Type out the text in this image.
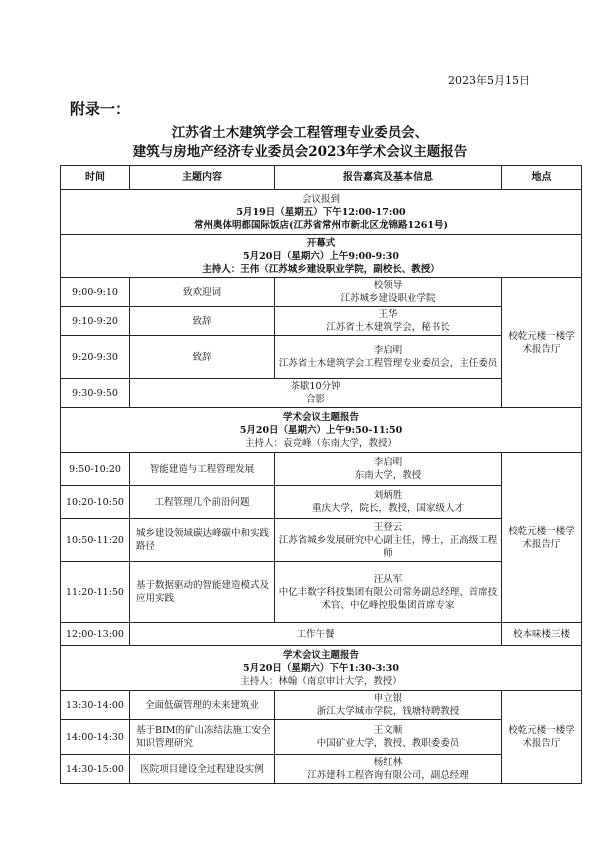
2023年5月15日
附录一：
江苏省土木建筑学会工程管理专业委员会、
建筑与房地产经济专业委员会2023年学术会议主题报告
时间	主题内容	报告嘉宾及基本信息	地点

会议报到
5月19日（星期五）下午12:00-17:00
常州奥体明都国际饭店(江苏省常州市新北区龙锦路1261号)			

开幕式
5月20日（星期六）上午9:00-9:30
主持人：王伟（江苏城乡建设职业学院，副校长、教授）			

9:00-9:10	致欢迎词	校领导
江苏城乡建设职业学院	校乾元楼一楼学术报告厅
9:10-9:20	致辞	王华
江苏省土木建筑学会，秘书长	

9:20-9:30	致辞	李启明
江苏省土木建筑学会工程管理专业委员会，主任委员	

9:30-9:50	茶歇10分钟
合影		

学术会议主题报告
5月20日（星期六）上午9:50-11:50
主持人：袁竞峰（东南大学，教授）			

9:50-10:20	智能建造与工程管理发展	李启明
东南大学，教授	校乾元楼一楼学术报告厅
10:20-10:50	工程管理几个前沿问题	刘炳胜
重庆大学，院长，教授，国家级人才	

10:50-11:20	城乡建设领域碳达峰碳中和实践路径	王登云
江苏省城乡发展研究中心副主任，博士，正高级工程师	

11:20-11:50	基于数据驱动的智能建造模式及应用实践	汪从军
中亿丰数字科技集团有限公司常务副总经理、首席技术官、中亿峰控股集团首席专家	

12:00-13:00	工作午餐		校本味楼三楼

学术会议主题报告
5月20日（星期六）下午1:30-3:30
主持人：林翰（南京审计大学，教授）			

13:30-14:00	全面低碳管理的未来建筑业	申立银
浙江大学城市学院，钱塘特聘教授	校乾元楼一楼学术报告厅
14:00-14:30	基于BIM的矿山冻结法施工安全知识管理研究	王文顺
中国矿业大学，教授、教职委委员	

14:30-15:00	医院项目建设全过程建设实例	杨红林
江苏建科工程咨询有限公司，副总经理	
